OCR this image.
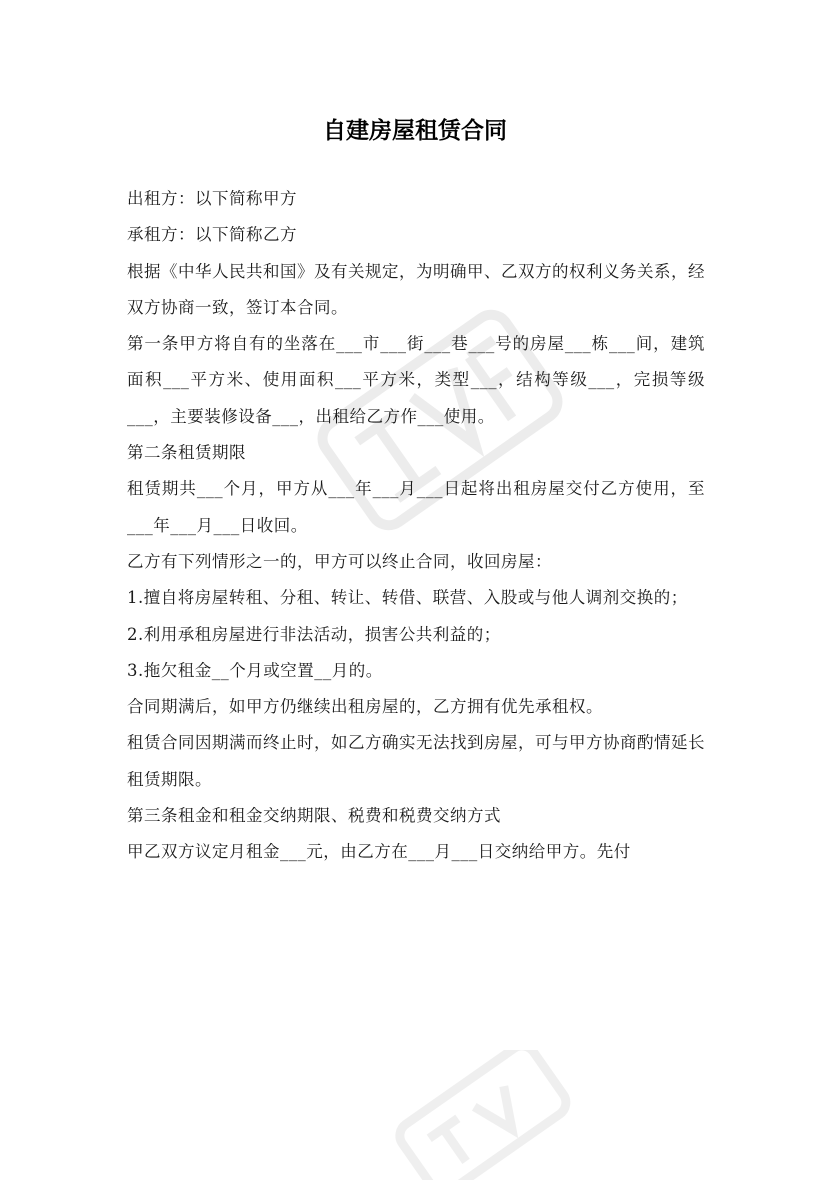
自建房屋租赁合同

出租方：以下简称甲方

承租方：以下简称乙方

根据《中华人民共和国》及有关规定，为明确甲、乙双方的权利义务关系，经双方协商一致，签订本合同。

第一条甲方将自有的坐落在___市___街___巷___号的房屋___栋___间，建筑面积___平方米、使用面积___平方米，类型___，结构等级___，完损等级___，主要装修设备___，出租给乙方作___使用。

第二条租赁期限

租赁期共___个月，甲方从___年___月___日起将出租房屋交付乙方使用，至___年___月___日收回。

乙方有下列情形之一的，甲方可以终止合同，收回房屋：

1.擅自将房屋转租、分租、转让、转借、联营、入股或与他人调剂交换的；

2.利用承租房屋进行非法活动，损害公共利益的；

3.拖欠租金__个月或空置__月的。

合同期满后，如甲方仍继续出租房屋的，乙方拥有优先承租权。

租赁合同因期满而终止时，如乙方确实无法找到房屋，可与甲方协商酌情延长租赁期限。

第三条租金和租金交纳期限、税费和税费交纳方式

甲乙双方议定月租金___元，由乙方在___月___日交纳给甲方。先付
